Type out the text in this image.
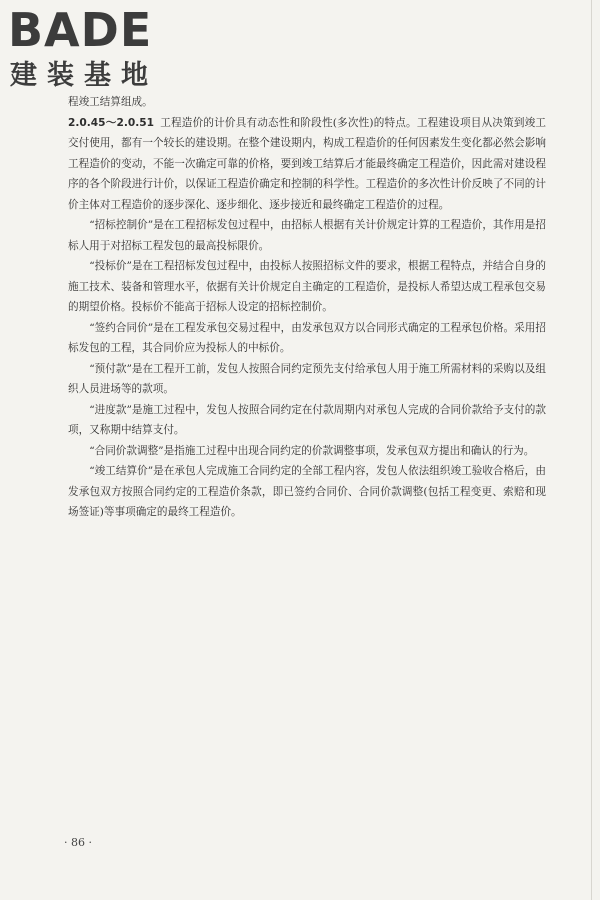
BADE
建装基地

程竣工结算组成。

2.0.45～2.0.51 工程造价的计价具有动态性和阶段性(多次性)的特点。工程建设项目从决策到竣工交付使用，都有一个较长的建设期。在整个建设期内，构成工程造价的任何因素发生变化都必然会影响工程造价的变动，不能一次确定可靠的价格，要到竣工结算后才能最终确定工程造价，因此需对建设程序的各个阶段进行计价，以保证工程造价确定和控制的科学性。工程造价的多次性计价反映了不同的计价主体对工程造价的逐步深化、逐步细化、逐步接近和最终确定工程造价的过程。

“招标控制价”是在工程招标发包过程中，由招标人根据有关计价规定计算的工程造价，其作用是招标人用于对招标工程发包的最高投标限价。

“投标价”是在工程招标发包过程中，由投标人按照招标文件的要求，根据工程特点，并结合自身的施工技术、装备和管理水平，依据有关计价规定自主确定的工程造价，是投标人希望达成工程承包交易的期望价格。投标价不能高于招标人设定的招标控制价。

“签约合同价”是在工程发承包交易过程中，由发承包双方以合同形式确定的工程承包价格。采用招标发包的工程，其合同价应为投标人的中标价。

“预付款”是在工程开工前，发包人按照合同约定预先支付给承包人用于施工所需材料的采购以及组织人员进场等的款项。

“进度款”是施工过程中，发包人按照合同约定在付款周期内对承包人完成的合同价款给予支付的款项，又称期中结算支付。

“合同价款调整”是指施工过程中出现合同约定的价款调整事项，发承包双方提出和确认的行为。

“竣工结算价”是在承包人完成施工合同约定的全部工程内容，发包人依法组织竣工验收合格后，由发承包双方按照合同约定的工程造价条款，即已签约合同价、合同价款调整(包括工程变更、索赔和现场签证)等事项确定的最终工程造价。

· 86 ·
